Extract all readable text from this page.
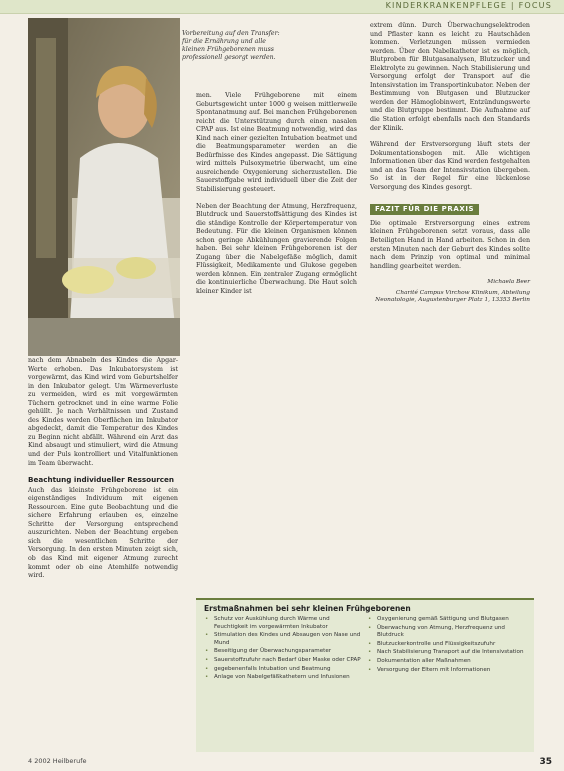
KINDERKRANKENPFLEGE | FOCUS
Vorbereitung auf den Transfer: für die Ernährung und alle kleinen Frühgeborenen muss professionell gesorgt werden.

nach dem Abnabeln des Kindes die Apgar-Werte erhoben. Das Inkubatorsystem ist vorgewärmt, das Kind wird vom Geburtshelfer in den Inkubator gelegt. Um Wärmeverluste zu vermeiden, wird es mit vorgewärmten Tüchern getrocknet und in eine warme Folie gehüllt. Je nach Verhältnissen und Zustand des Kindes werden Oberflächen im Inkubator abgedeckt, damit die Temperatur des Kindes zu Beginn nicht abfällt. Während ein Arzt das Kind absaugt und stimuliert, wird die Atmung und der Puls kontrolliert und Vitalfunktionen im Team überwacht.

Beachtung individueller Ressourcen

Auch das kleinste Frühgeborene ist ein eigenständiges Individuum mit eigenen Ressourcen. Eine gute Beobachtung und die sichere Erfahrung erlauben es, einzelne Schritte der Versorgung entsprechend auszurichten. Neben der Beachtung ergeben sich die wesentlichen Schritte der Versorgung. In den ersten Minuten zeigt sich, ob das Kind mit eigener Atmung zurecht kommt oder ob eine Atemhilfe notwendig wird.

men. Viele Frühgeborene mit einem Geburtsgewicht unter 1000 g weisen mittlerweile Spontanatmung auf. Bei manchen Frühgeborenen reicht die Unterstützung durch einen nasalen CPAP aus. Ist eine Beatmung notwendig, wird das Kind nach einer gezielten Intubation beatmet und die Beatmungsparameter werden an die Bedürfnisse des Kindes angepasst. Die Sättigung wird mittels Pulsoxymetrie überwacht, um eine ausreichende Oxygenierung sicherzustellen. Die Sauerstoffgabe wird individuell über die Zeit der Stabilisierung gesteuert.

Neben der Beachtung der Atmung, Herzfrequenz, Blutdruck und Sauerstoffsättigung des Kindes ist die ständige Kontrolle der Körpertemperatur von Bedeutung. Für die kleinen Organismen können schon geringe Abkühlungen gravierende Folgen haben. Bei sehr kleinen Frühgeborenen ist der Zugang über die Nabelgefäße möglich, damit Flüssigkeit, Medikamente und Glukose gegeben werden können. Ein zentraler Zugang ermöglicht die kontinuierliche Überwachung. Die Haut solch kleiner Kinder ist

extrem dünn. Durch Überwachungselektroden und Pflaster kann es leicht zu Hautschäden kommen. Verletzungen müssen vermieden werden. Über den Nabelkatheter ist es möglich, Blutproben für Blutgasanalysen, Blutzucker und Elektrolyte zu gewinnen. Nach Stabilisierung und Versorgung erfolgt der Transport auf die Intensivstation im Transportinkubator. Neben der Bestimmung von Blutgasen und Blutzucker werden der Hämoglobinwert, Entzündungswerte und die Blutgruppe bestimmt. Die Aufnahme auf die Station erfolgt ebenfalls nach den Standards der Klinik.

Während der Erstversorgung läuft stets der Dokumentationsbogen mit. Alle wichtigen Informationen über das Kind werden festgehalten und an das Team der Intensivstation übergeben. So ist in der Regel für eine lückenlose Versorgung des Kindes gesorgt.

FAZIT FÜR DIE PRAXIS

Die optimale Erstversorgung eines extrem kleinen Frühgeborenen setzt voraus, dass alle Beteiligten Hand in Hand arbeiten. Schon in den ersten Minuten nach der Geburt des Kindes sollte nach dem Prinzip von optimal und minimal handling gearbeitet werden.

Michaela Beer
Charité Campus Virchow Klinikum, Abteilung Neonatologie, Augustenburger Platz 1, 13353 Berlin
Erstmaßnahmen bei sehr kleinen Frühgeborenen
• Schutz vor Auskühlung durch Wärme und Feuchtigkeit im vorgewärmten Inkubator
• Stimulation des Kindes und Absaugen von Nase und Mund
• Beseitigung der Überwachungsparameter
• Sauerstoffzufuhr nach Bedarf über Maske oder CPAP
• gegebenenfalls Intubation und Beatmung
• Anlage von Nabelgefäßkathetern und Infusionen
• Oxygenierung gemäß Sättigung und Blutgasen
• Überwachung von Atmung, Herzfrequenz und Blutdruck
• Blutzuckerkontrolle und Flüssigkeitszufuhr
• Nach Stabilisierung Transport auf die Intensivstation
• Dokumentation aller Maßnahmen
• Versorgung der Eltern mit Informationen
4 2002 Heilberufe	35
